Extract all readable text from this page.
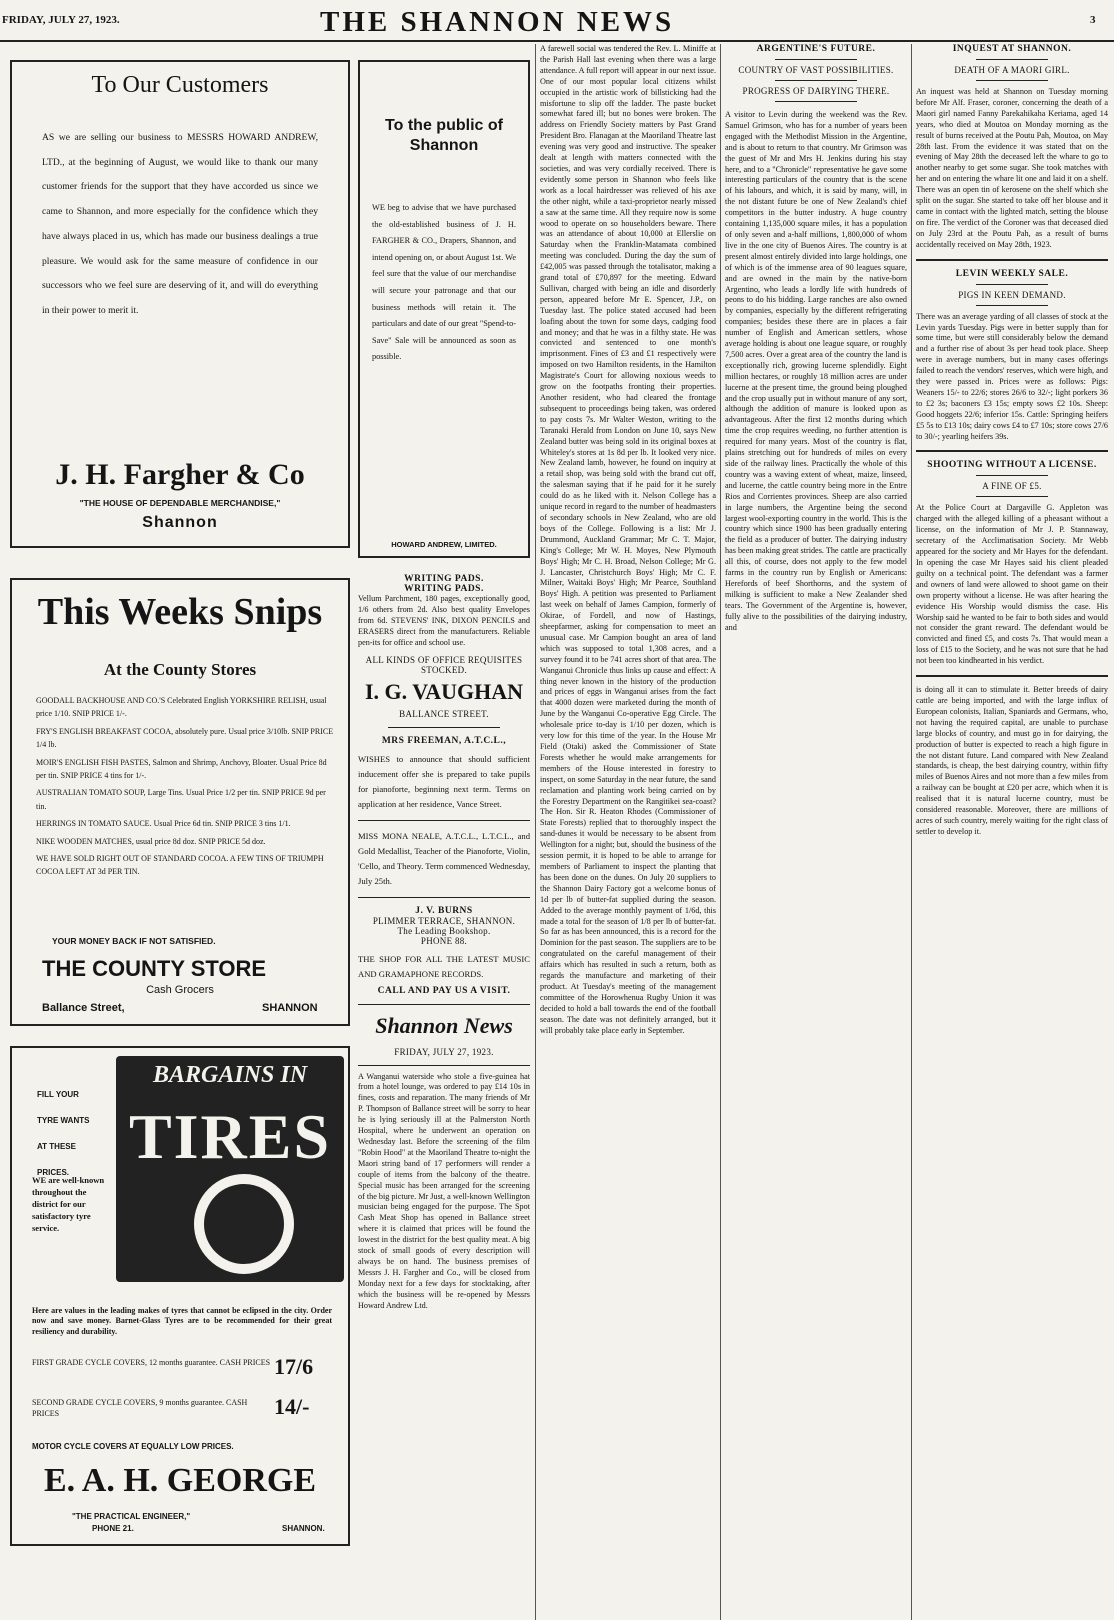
FRIDAY, JULY 27, 1923.	THE SHANNON NEWS	3
To Our Customers
AS we are selling our business to MESSRS HOWARD ANDREW, LTD., at the beginning of August, we would like to thank our many customer friends for the support that they have accorded us since we came to Shannon, and more especially for the confidence which they have always placed in us, which has made our business dealings a true pleasure. We would ask for the same measure of confidence in our successors who we feel sure are deserving of it, and will do everything in their power to merit it.
J. H. Fargher & Co
"THE HOUSE OF DEPENDABLE MERCHANDISE,"
Shannon
This Weeks Snips
At the County Stores
GOODALL BACKHOUSE AND CO.'S Celebrated English YORKSHIRE RELISH, usual price 1/10. SNIP PRICE 1/-.
FRY'S ENGLISH BREAKFAST COCOA, absolutely pure. Usual price 3/10lb. SNIP PRICE 1/4 lb.
MOIR'S ENGLISH FISH PASTES, Salmon and Shrimp, Anchovy, Bloater. Usual Price 8d per tin. SNIP PRICE 4 tins for 1/-.
AUSTRALIAN TOMATO SOUP, Large Tins. Usual Price 1/2 per tin. SNIP PRICE 9d per tin.
HERRINGS IN TOMATO SAUCE. Usual Price 6d tin. SNIP PRICE 3 tins 1/1.
NIKE WOODEN MATCHES, usual price 8d doz. SNIP PRICE 5d doz.
WE HAVE SOLD RIGHT OUT OF STANDARD COCOA. A FEW TINS OF TRIUMPH COCOA LEFT AT 3d PER TIN.
YOUR MONEY BACK IF NOT SATISFIED.
THE COUNTY STORE
Cash Grocers
Ballance Street,	SHANNON
FILL YOUR
TYRE WANTS
AT THESE
PRICES.
BARGAINS IN
TIRES
WE are well-known throughout the district for our satisfactory tyre service.
Here are values in the leading makes of tyres that cannot be eclipsed in the city. Order now and save money. Barnet-Glass Tyres are to be recommended for their great resiliency and durability.
FIRST GRADE CYCLE COVERS, 12 months guarantee. CASH PRICES 17/6
SECOND GRADE CYCLE COVERS, 9 months guarantee. CASH PRICES	14/-
MOTOR CYCLE COVERS AT EQUALLY LOW PRICES.
E. A. H. GEORGE
"THE PRACTICAL ENGINEER,"
PHONE 21.	SHANNON.
To the public of Shannon
WE beg to advise that we have purchased the old-established business of J. H. FARGHER & CO., Drapers, Shannon, and intend opening on, or about August 1st. We feel sure that the value of our merchandise will secure your patronage and that our business methods will retain it. The particulars and date of our great "Spend-to-Save" Sale will be announced as soon as possible.
HOWARD ANDREW, LIMITED.
WRITING PADS.
WRITING PADS.
Vellum Parchment, 180 pages, exceptionally good, 1/6 others from 2d. Also best quality Envelopes from 6d. STEVENS' INK, DIXON PENCILS and ERASERS direct from the manufacturers. Reliable pen-its for office and school use.
ALL KINDS OF OFFICE REQUISITES STOCKED.
I. G. VAUGHAN
BALLANCE STREET.
MRS FREEMAN, A.T.C.L.,
WISHES to announce that should sufficient inducement offer she is prepared to take pupils for pianoforte, beginning next term. Terms on application at her residence, Vance Street.
MISS MONA NEALE, A.T.C.L., L.T.C.L., and Gold Medallist, Teacher of the Pianoforte, Violin, 'Cello, and Theory. Term commenced Wednesday, July 25th.
J. V. BURNS
PLIMMER TERRACE, SHANNON.
The Leading Bookshop.
PHONE 88.
THE SHOP FOR ALL THE LATEST MUSIC AND GRAMAPHONE RECORDS.
CALL AND PAY US A VISIT.
Shannon News
FRIDAY, JULY 27, 1923.
A Wanganui waterside who stole a five-guinea hat from a hotel lounge, was ordered to pay £14 10s in fines, costs and reparation. The many friends of Mr P. Thompson of Ballance street will be sorry to hear he is lying seriously ill at the Palmerston North Hospital, where he underwent an operation on Wednesday last. Before the screening of the film "Robin Hood" at the Maoriland Theatre to-night the Maori string band of 17 performers will render a couple of items from the balcony of the theatre. Special music has been arranged for the screening of the big picture. Mr Just, a well-known Wellington musician being engaged for the purpose. The Spot Cash Meat Shop has opened in Ballance street where it is claimed that prices will be found the lowest in the district for the best quality meat. A big stock of small goods of every description will always be on hand. The business premises of Messrs J. H. Fargher and Co., will be closed from Monday next for a few days for stocktaking, after which the business will be re-opened by Messrs Howard Andrew Ltd.
A farewell social was tendered the Rev. L. Miniffe at the Parish Hall last evening when there was a large attendance. A full report will appear in our next issue. One of our most popular local citizens whilst occupied in the artistic work of billsticking had the misfortune to slip off the ladder. The paste bucket somewhat fared ill; but no bones were broken. The address on Friendly Society matters by Past Grand President Bro. Flanagan at the Maoriland Theatre last evening was very good and instructive. The speaker dealt at length with matters connected with the societies, and was very cordially received. There is evidently some person in Shannon who feels like work as a local hairdresser was relieved of his axe the other night, while a taxi-proprietor nearly missed a saw at the same time. All they require now is some wood to operate on so householders beware. There was an attendance of about 10,000 at Ellerslie on Saturday when the Franklin-Matamata combined meeting was concluded. During the day the sum of £42,005 was passed through the totalisator, making a grand total of £70,897 for the meeting. Edward Sullivan, charged with being an idle and disorderly person, appeared before Mr E. Spencer, J.P., on Tuesday last. The police stated accused had been loafing about the town for some days, cadging food and money; and that he was in a filthy state. He was convicted and sentenced to one month's imprisonment. Fines of £3 and £1 respectively were imposed on two Hamilton residents, in the Hamilton Magistrate's Court for allowing noxious weeds to grow on the footpaths fronting their properties. Another resident, who had cleared the frontage subsequent to proceedings being taken, was ordered to pay costs 7s. Mr Walter Weston, writing to the Taranaki Herald from London on June 10, says New Zealand butter was being sold in its original boxes at Whiteley's stores at 1s 8d per lb. It looked very nice. New Zealand lamb, however, he found on inquiry at a retail shop, was being sold with the brand cut off, the salesman saying that if he paid for it he surely could do as he liked with it. Nelson College has a unique record in regard to the number of headmasters of secondary schools in New Zealand, who are old boys of the College. Following is a list: Mr J. Drummond, Auckland Grammar; Mr C. T. Major, King's College; Mr W. H. Moyes, New Plymouth Boys' High; Mr C. H. Broad, Nelson College; Mr G. J. Lancaster, Christchurch Boys' High; Mr C. F. Milner, Waitaki Boys' High; Mr Pearce, Southland Boys' High. A petition was presented to Parliament last week on behalf of James Campion, formerly of Okirae, of Fordell, and now of Hastings, sheepfarmer, asking for compensation to meet an unusual case. Mr Campion bought an area of land which was supposed to total 1,308 acres, and a survey found it to be 741 acres short of that area. The Wanganui Chronicle thus links up cause and effect: A thing never known in the history of the production and prices of eggs in Wanganui arises from the fact that 4000 dozen were marketed during the month of June by the Wanganui Co-operative Egg Circle. The wholesale price to-day is 1/10 per dozen, which is very low for this time of the year. In the House Mr Field (Otaki) asked the Commissioner of State Forests whether he would make arrangements for members of the House interested in forestry to inspect, on some Saturday in the near future, the sand reclamation and planting work being carried on by the Forestry Department on the Rangitikei sea-coast? The Hon. Sir R. Heaton Rhodes (Commissioner of State Forests) replied that to thoroughly inspect the sand-dunes it would be necessary to be absent from Wellington for a night; but, should the business of the session permit, it is hoped to be able to arrange for members of Parliament to inspect the planting that has been done on the dunes. On July 20 suppliers to the Shannon Dairy Factory got a welcome bonus of 1d per lb of butter-fat supplied during the season. Added to the average monthly payment of 1/6d, this made a total for the season of 1/8 per lb of butter-fat. So far as has been announced, this is a record for the Dominion for the past season. The suppliers are to be congratulated on the careful management of their affairs which has resulted in such a return, both as regards the manufacture and marketing of their product. At Tuesday's meeting of the management committee of the Horowhenua Rugby Union it was decided to hold a ball towards the end of the football season. The date was not definitely arranged, but it will probably take place early in September.
ARGENTINE'S FUTURE.
COUNTRY OF VAST POSSIBILITIES.
PROGRESS OF DAIRYING THERE.
A visitor to Levin during the weekend was the Rev. Samuel Grimson, who has for a number of years been engaged with the Methodist Mission in the Argentine, and is about to return to that country. Mr Grimson was the guest of Mr and Mrs H. Jenkins during his stay here, and to a "Chronicle" representative he gave some interesting particulars of the country that is the scene of his labours, and which, it is said by many, will, in the not distant future be one of New Zealand's chief competitors in the butter industry. A huge country containing 1,135,000 square miles, it has a population of only seven and a-half millions, 1,800,000 of whom live in the one city of Buenos Aires. The country is at present almost entirely divided into large holdings, one of which is of the immense area of 90 leagues square, and are owned in the main by the native-born Argentino, who leads a lordly life with hundreds of peons to do his bidding. Large ranches are also owned by companies, especially by the different refrigerating companies; besides these there are in places a fair number of English and American settlers, whose average holding is about one league square, or roughly 7,500 acres. Over a great area of the country the land is exceptionally rich, growing lucerne splendidly. Eight million hectares, or roughly 18 million acres are under lucerne at the present time, the ground being ploughed and the crop usually put in without manure of any sort, although the addition of manure is looked upon as advantageous. After the first 12 months during which time the crop requires weeding, no further attention is required for many years. Most of the country is flat, plains stretching out for hundreds of miles on every side of the railway lines. Practically the whole of this country was a waving extent of wheat, maize, linseed, and lucerne, the cattle country being more in the Entre Rios and Corrientes provinces. Sheep are also carried in large numbers, the Argentine being the second largest wool-exporting country in the world. This is the country which since 1900 has been gradually entering the field as a producer of butter. The dairying industry has been making great strides. The cattle are practically all this, of course, does not apply to the few model farms in the country run by English or Americans: Herefords of beef Shorthorns, and the system of milking is sufficient to make a New Zealander shed tears. The Government of the Argentine is, however, fully alive to the possibilities of the dairying industry, and
INQUEST AT SHANNON.
DEATH OF A MAORI GIRL.
An inquest was held at Shannon on Tuesday morning before Mr Alf. Fraser, coroner, concerning the death of a Maori girl named Fanny Parekahikaha Keriama, aged 14 years, who died at Moutoa on Monday morning as the result of burns received at the Poutu Pah, Moutoa, on May 28th last. From the evidence it was stated that on the evening of May 28th the deceased left the whare to go to another nearby to get some sugar. She took matches with her and on entering the whare lit one and laid it on a shelf. There was an open tin of kerosene on the shelf which she split on the sugar. She started to take off her blouse and it came in contact with the lighted match, setting the blouse on fire. The verdict of the Coroner was that deceased died on July 23rd at the Poutu Pah, as a result of burns accidentally received on May 28th, 1923.
LEVIN WEEKLY SALE.
PIGS IN KEEN DEMAND.
There was an average yarding of all classes of stock at the Levin yards Tuesday. Pigs were in better supply than for some time, but were still considerably below the demand and a further rise of about 3s per head took place. Sheep were in average numbers, but in many cases offerings failed to reach the vendors' reserves, which were high, and they were passed in. Prices were as follows: Pigs: Weaners 15/- to 22/6; stores 26/6 to 32/-; light porkers 36 to £2 3s; baconers £3 15s; empty sows £2 10s. Sheep: Good hoggets 22/6; inferior 15s. Cattle: Springing heifers £5 5s to £13 10s; dairy cows £4 to £7 10s; store cows 27/6 to 30/-; yearling heifers 39s.
SHOOTING WITHOUT A LICENSE.
A FINE OF £5.
At the Police Court at Dargaville G. Appleton was charged with the alleged killing of a pheasant without a license, on the information of Mr J. P. Stannaway, secretary of the Acclimatisation Society. Mr Webb appeared for the society and Mr Hayes for the defendant. In opening the case Mr Hayes said his client pleaded guilty on a technical point. The defendant was a farmer and owners of land were allowed to shoot game on their own property without a license. He was after hearing the evidence His Worship would dismiss the case. His Worship said he wanted to be fair to both sides and would not consider the grant reward. The defendant would be convicted and fined £5, and costs 7s. That would mean a loss of £15 to the Society, and he was not sure that he had not been too kindhearted in his verdict.
is doing all it can to stimulate it. Better breeds of dairy cattle are being imported, and with the large influx of European colonists, Italian, Spaniards and Germans, who, not having the required capital, are unable to purchase large blocks of country, and must go in for dairying, the production of butter is expected to reach a high figure in the not distant future. Land compared with New Zealand standards, is cheap, the best dairying country, within fifty miles of Buenos Aires and not more than a few miles from a railway can be bought at £20 per acre, which when it is realised that it is natural lucerne country, must be considered reasonable. Moreover, there are millions of acres of such country, merely waiting for the right class of settler to develop it.
